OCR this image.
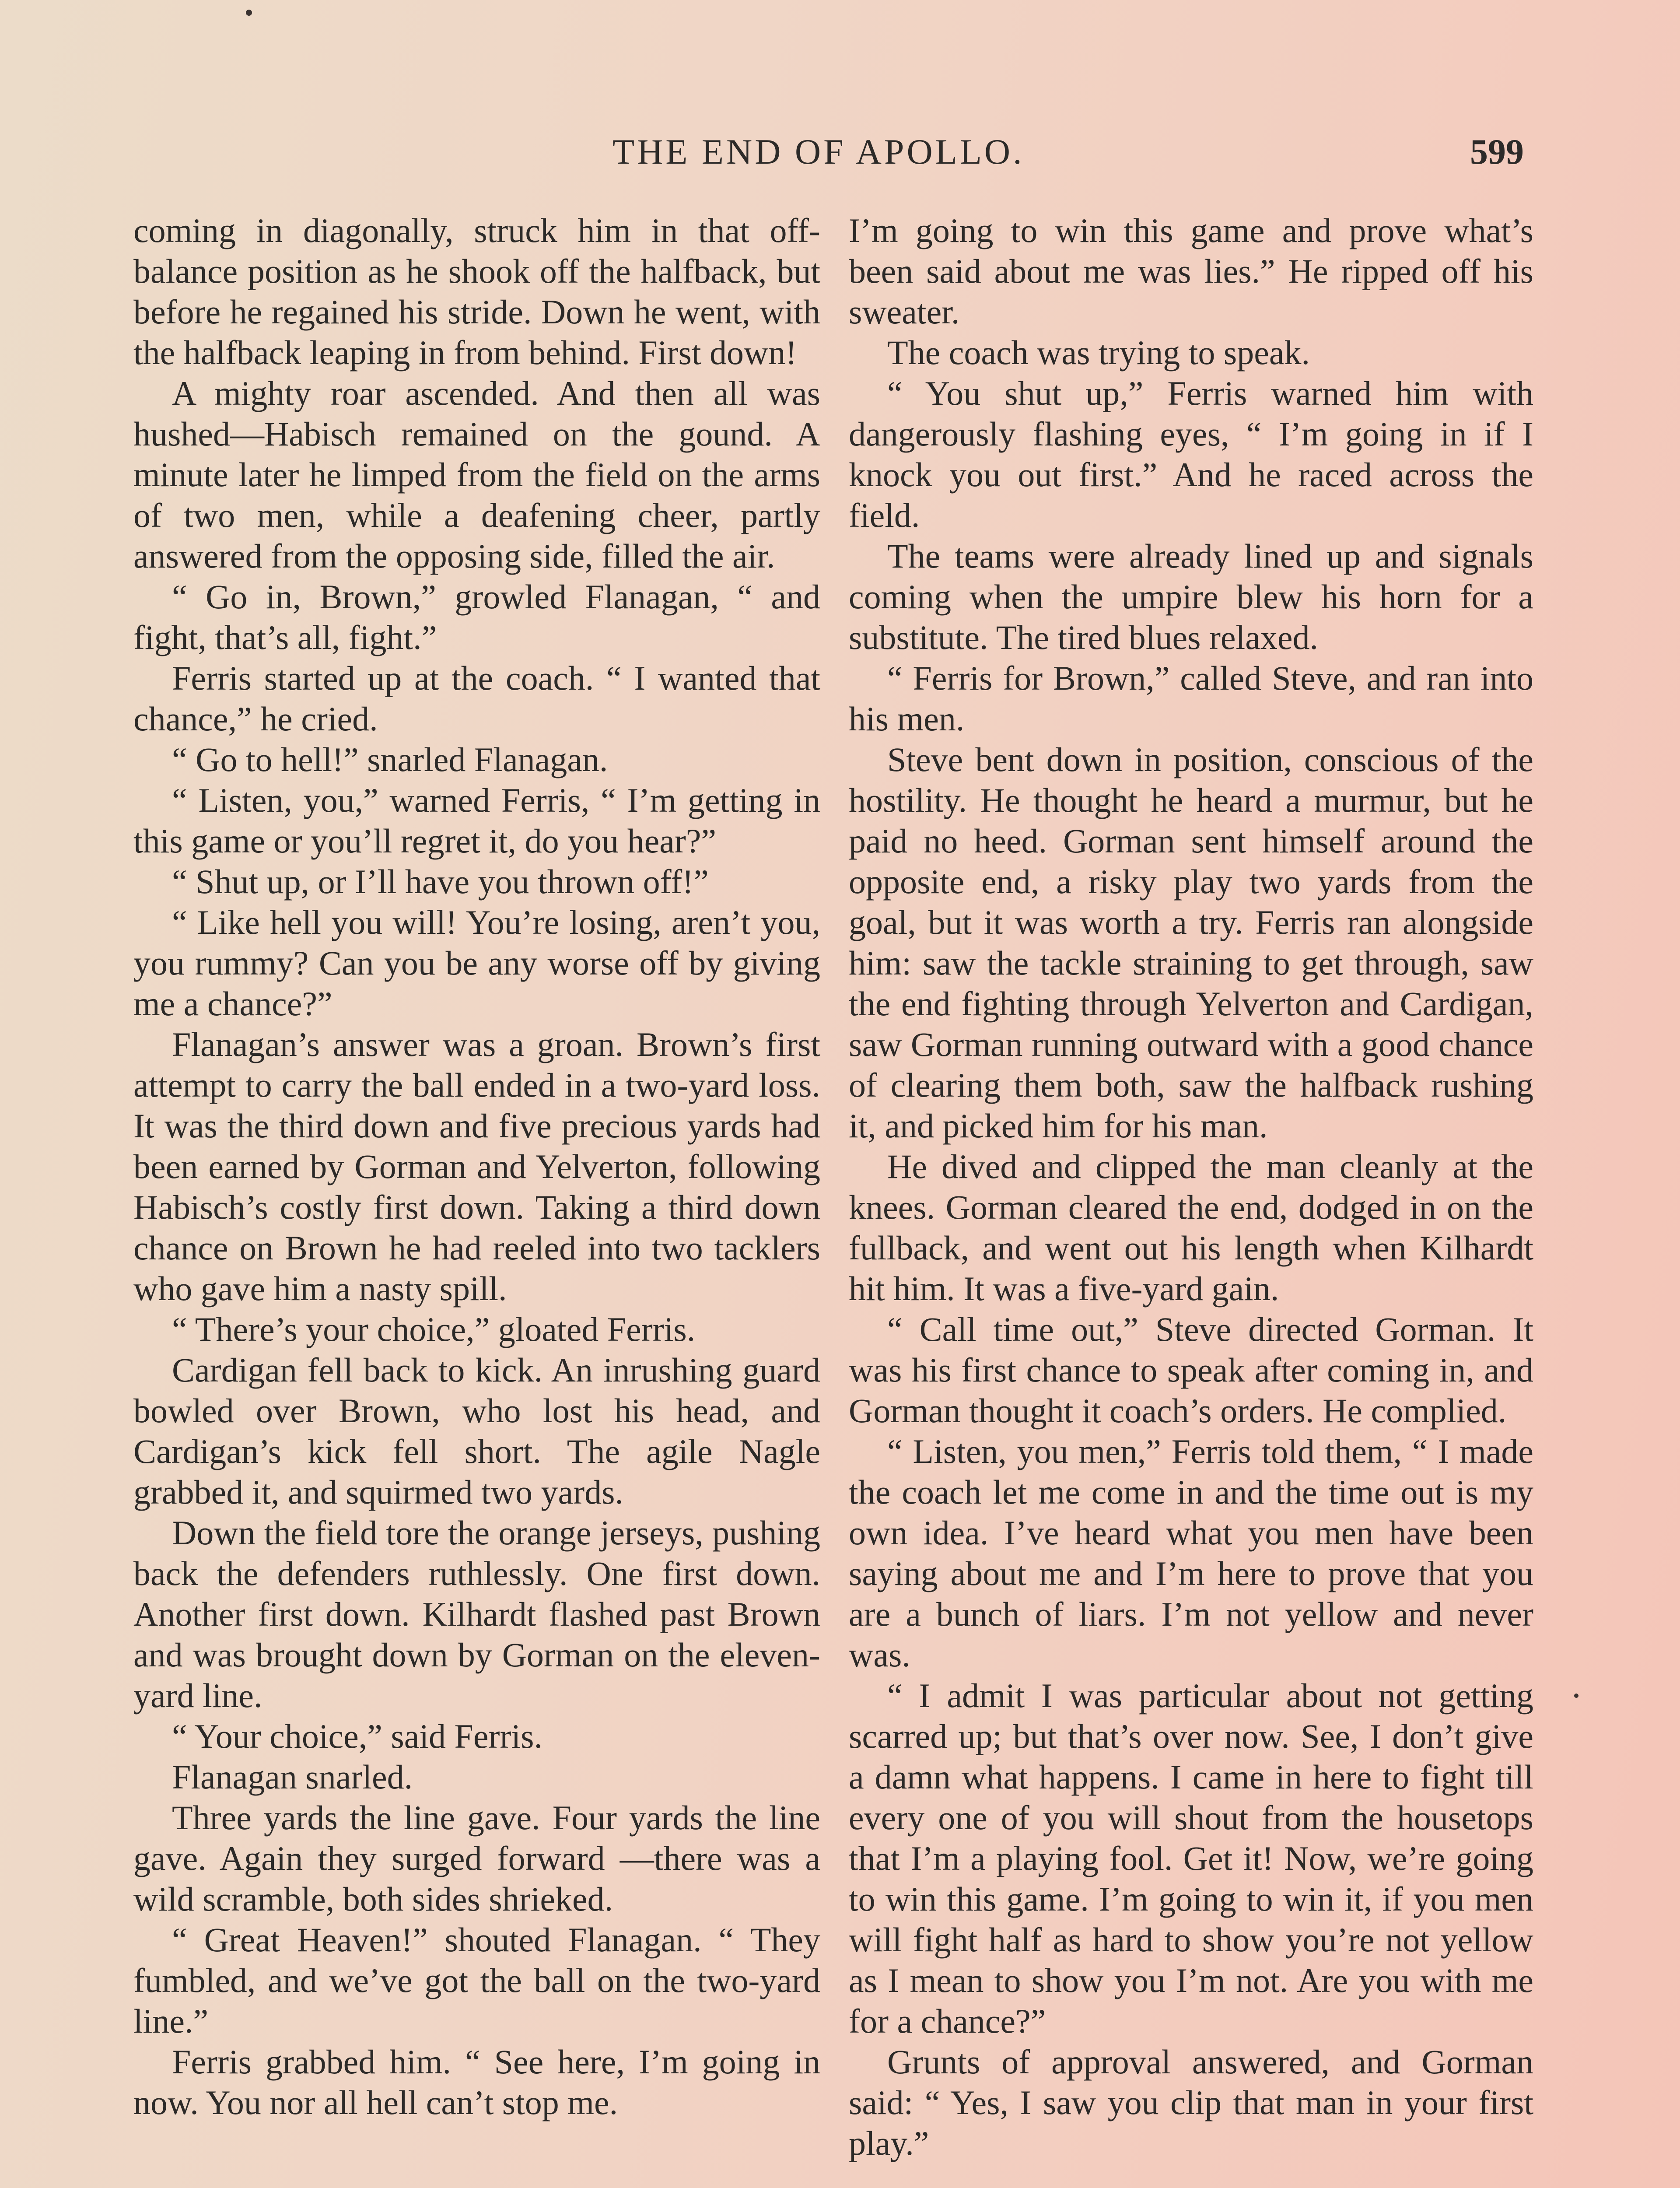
THE END OF APOLLO.	599

coming in diagonally, struck him in that off-balance position as he shook off the halfback, but before he regained his stride. Down he went, with the halfback leaping in from behind. First down!

A mighty roar ascended. And then all was hushed—Habisch remained on the gound. A minute later he limped from the field on the arms of two men, while a deafening cheer, partly answered from the opposing side, filled the air.

“ Go in, Brown,” growled Flanagan, “ and fight, that’s all, fight.”

Ferris started up at the coach. “ I wanted that chance,” he cried.

“ Go to hell!” snarled Flanagan.

“ Listen, you,” warned Ferris, “ I’m getting in this game or you’ll regret it, do you hear?”

“ Shut up, or I’ll have you thrown off!”

“ Like hell you will! You’re losing, aren’t you, you rummy? Can you be any worse off by giving me a chance?”

Flanagan’s answer was a groan. Brown’s first attempt to carry the ball ended in a two-yard loss. It was the third down and five precious yards had been earned by Gorman and Yelverton, following Habisch’s costly first down. Taking a third down chance on Brown he had reeled into two tacklers who gave him a nasty spill.

“ There’s your choice,” gloated Ferris.

Cardigan fell back to kick. An inrushing guard bowled over Brown, who lost his head, and Cardigan’s kick fell short. The agile Nagle grabbed it, and squirmed two yards.

Down the field tore the orange jerseys, pushing back the defenders ruthlessly. One first down. Another first down. Kilhardt flashed past Brown and was brought down by Gorman on the eleven-yard line.

“ Your choice,” said Ferris.

Flanagan snarled.

Three yards the line gave. Four yards the line gave. Again they surged forward —there was a wild scramble, both sides shrieked.

“ Great Heaven!” shouted Flanagan. “ They fumbled, and we’ve got the ball on the two-yard line.”

Ferris grabbed him. “ See here, I’m going in now. You nor all hell can’t stop me.

I’m going to win this game and prove what’s been said about me was lies.” He ripped off his sweater.

The coach was trying to speak.

“ You shut up,” Ferris warned him with dangerously flashing eyes, “ I’m going in if I knock you out first.” And he raced across the field.

The teams were already lined up and signals coming when the umpire blew his horn for a substitute. The tired blues relaxed.

“ Ferris for Brown,” called Steve, and ran into his men.

Steve bent down in position, conscious of the hostility. He thought he heard a murmur, but he paid no heed. Gorman sent himself around the opposite end, a risky play two yards from the goal, but it was worth a try. Ferris ran alongside him: saw the tackle straining to get through, saw the end fighting through Yelverton and Cardigan, saw Gorman running outward with a good chance of clearing them both, saw the halfback rushing it, and picked him for his man.

He dived and clipped the man cleanly at the knees. Gorman cleared the end, dodged in on the fullback, and went out his length when Kilhardt hit him. It was a five-yard gain.

“ Call time out,” Steve directed Gorman. It was his first chance to speak after coming in, and Gorman thought it coach’s orders. He complied.

“ Listen, you men,” Ferris told them, “ I made the coach let me come in and the time out is my own idea. I’ve heard what you men have been saying about me and I’m here to prove that you are a bunch of liars. I’m not yellow and never was.

“ I admit I was particular about not getting scarred up; but that’s over now. See, I don’t give a damn what happens. I came in here to fight till every one of you will shout from the housetops that I’m a playing fool. Get it! Now, we’re going to win this game. I’m going to win it, if you men will fight half as hard to show you’re not yellow as I mean to show you I’m not. Are you with me for a chance?”

Grunts of approval answered, and Gorman said: “ Yes, I saw you clip that man in your first play.”
